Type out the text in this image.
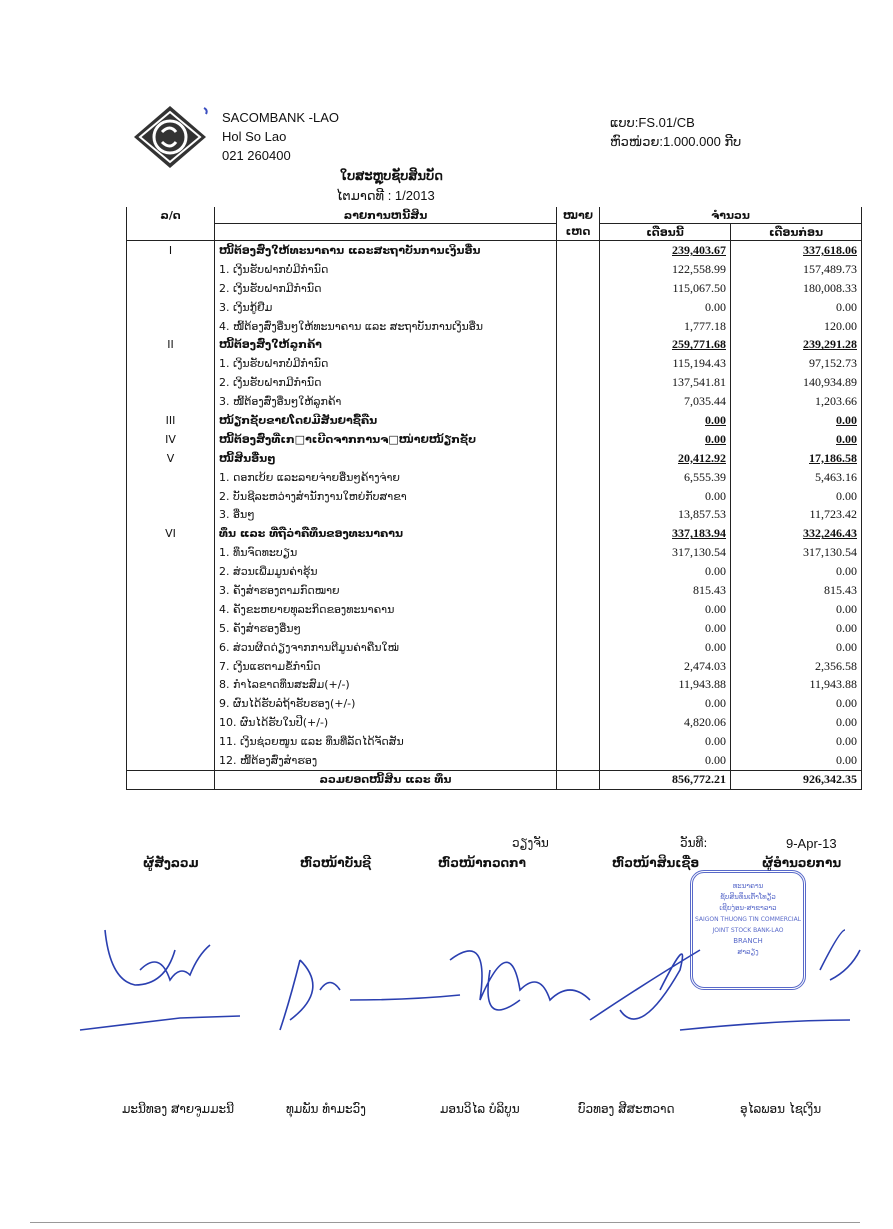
SACOMBANK -LAO
Hol So Lao
021 260400
ແບບ:FS.01/CB
ຫົວໜ່ວຍ:1.000.000 ກີບ
ໃບສະຫຼຸບຊັບສິນບັດ
ໄຕມາດທີ : 1/2013
ລ/ດ	ລາຍການຫນີ້ສິນ	ໝາຍ	ຈຳນວນ	
		ເຫດ	ເດືອນນີ້	ເດືອນກ່ອນ
I	ໜີ້ຕ້ອງສົ່ງໃຫ້ທະນາຄານ ແລະສະຖາບັນການເງິນອື່ນ		239,403.67	337,618.06
	1. ເງິນຮັບຝາກບໍ່ມີກຳນົດ		122,558.99	157,489.73
	2. ເງິນຮັບຝາກມີກຳນົດ		115,067.50	180,008.33
	3. ເງິນກູ້ຢືມ		0.00	0.00
	4. ໜີ້ຕ້ອງສົ່ງອື່ນໆໃຫ້ທະນາຄານ ແລະ ສະຖາບັນການເງິນອື່ນ		1,777.18	120.00
II	ໜີ້ຕ້ອງສົ່ງໃຫ້ລູກຄ້າ		259,771.68	239,291.28
	1. ເງິນຮັບຝາກບໍ່ມີກຳນົດ		115,194.43	97,152.73
	2. ເງິນຮັບຝາກມີກຳນົດ		137,541.81	140,934.89
	3. ໜີ້ຕ້ອງສົ່ງອື່ນໆໃຫ້ລູກຄ້າ		7,035.44	1,203.66
III	ໜ້ຽກຊັບຂາຍໂດຍມີສັນຍາຊື້ຄືນ		0.00	0.00
IV	ໜີ້ຕ້ອງສົ່ງທີ່ເກ□າເບີດຈາກການຈ□ໜ່າຍໜ້ຽກຊັບ		0.00	0.00
V	ໜີ້ສິນອື່ນໆ		20,412.92	17,186.58
	1. ດອກເບ້ຍ ແລະລາຍຈ່າຍອື່ນໆຄ້າງຈ່າຍ		6,555.39	5,463.16
	2. ບັນຊີລະຫວ່າງສຳນັກງານໃຫຍ່ກັບສາຂາ		0.00	0.00
	3. ອື່ນໆ		13,857.53	11,723.42
VI	ທຶນ ແລະ ທີ່ຖືວ່າຄືທຶນຂອງທະນາຄານ		337,183.94	332,246.43
	1. ທຶນຈົດທະບຽນ		317,130.54	317,130.54
	2. ສ່ວນເພີ່ມມູນຄ່າຮຸ້ນ		0.00	0.00
	3. ຄັງສຳຮອງຕາມກົດໝາຍ		815.43	815.43
	4. ຄັງຂະຫຍາຍທຸລະກິດຂອງທະນາຄານ		0.00	0.00
	5. ຄັງສຳຮອງອື່ນໆ		0.00	0.00
	6. ສ່ວນຜິດດ່ຽງຈາກການຕີມູນຄ່າຄືນໃໝ່		0.00	0.00
	7. ເງິນແຮຕາມຂໍ້ກຳນົດ		2,474.03	2,356.58
	8. ກຳໄລຂາດທຶນສະສົມ(+/-)		11,943.88	11,943.88
	9. ຜົນໄດ້ຮັບລໍຖ້າຮັບຮອງ(+/-)		0.00	0.00
	10. ຜົນໄດ້ຮັບໃນປີ(+/-)		4,820.06	0.00
	11. ເງິນຊ່ວຍໜູນ ແລະ ທຶນທີ່ລັດໄດ້ຈັດສັນ		0.00	0.00
	12. ໜີ້ຕ້ອງສົ່ງສຳຮອງ		0.00	0.00
	ລວມຍອດໜີ້ສິນ ແລະ ທຶນ		856,772.21	926,342.35
ວຽງຈັນ	ວັນທີ:	9-Apr-13
ຜູ້ສັງລວມ	ຫົວໜ້າບັນຊີ	ຫົວໜ້າກວດກາ	ຫົວໜ້າສິນເຊື່ອ	ຜູ້ອຳນວຍການ
ທະນາຄານ
ຊັບສິນທຶນເຕົ້າໂທຽ້ວ
ເຊີຍງ່ອນ-ສາຂາລາວ
SAIGON THUONG TIN COMMERCIAL
JOINT STOCK BANK-LAO
BRANCH
ສາລຽງ
ມະນີທອງ ສາຍຈູມມະນີ	ທຸມພັນ ທຳມະວົງ	ມອນວິໄລ ບໍລິບູນ	ບົວທອງ ສີສະຫວາດ	ອຸໄລພອນ ໄຊເງິນ
